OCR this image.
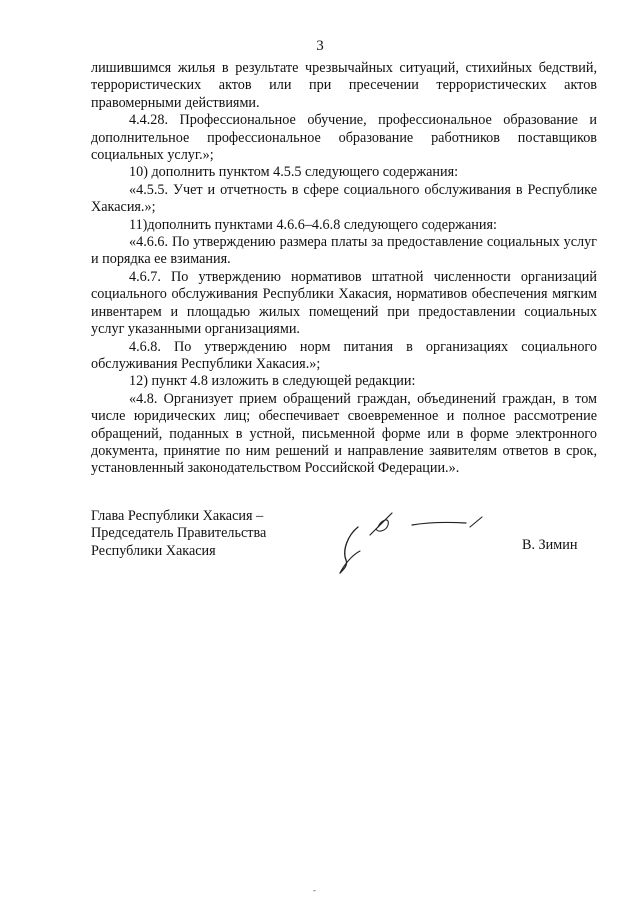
3

лишившимся жилья в результате чрезвычайных ситуаций, стихийных бедствий, террористических актов или при пресечении террористических актов правомерными действиями.

4.4.28. Профессиональное обучение, профессиональное образование и дополнительное профессиональное образование работников поставщиков социальных услуг.»;

10) дополнить пунктом 4.5.5 следующего содержания:

«4.5.5. Учет и отчетность в сфере социального обслуживания в Республике Хакасия.»;

11)дополнить пунктами 4.6.6–4.6.8 следующего содержания:

«4.6.6. По утверждению размера платы за предоставление социальных услуг и порядка ее взимания.

4.6.7. По утверждению нормативов штатной численности организаций социального обслуживания Республики Хакасия, нормативов обеспечения мягким инвентарем и площадью жилых помещений при предоставлении социальных услуг указанными организациями.

4.6.8. По утверждению норм питания в организациях социального обслуживания Республики Хакасия.»;

12) пункт 4.8 изложить в следующей редакции:

«4.8. Организует прием обращений граждан, объединений граждан, в том числе юридических лиц; обеспечивает своевременное и полное рассмотрение обращений, поданных в устной, письменной форме или в форме электронного документа, принятие по ним решений и направление заявителям ответов в срок, установленный законодательством Российской Федерации.».

Глава Республики Хакасия –
Председатель Правительства
Республики Хакасия	В. Зимин
-
